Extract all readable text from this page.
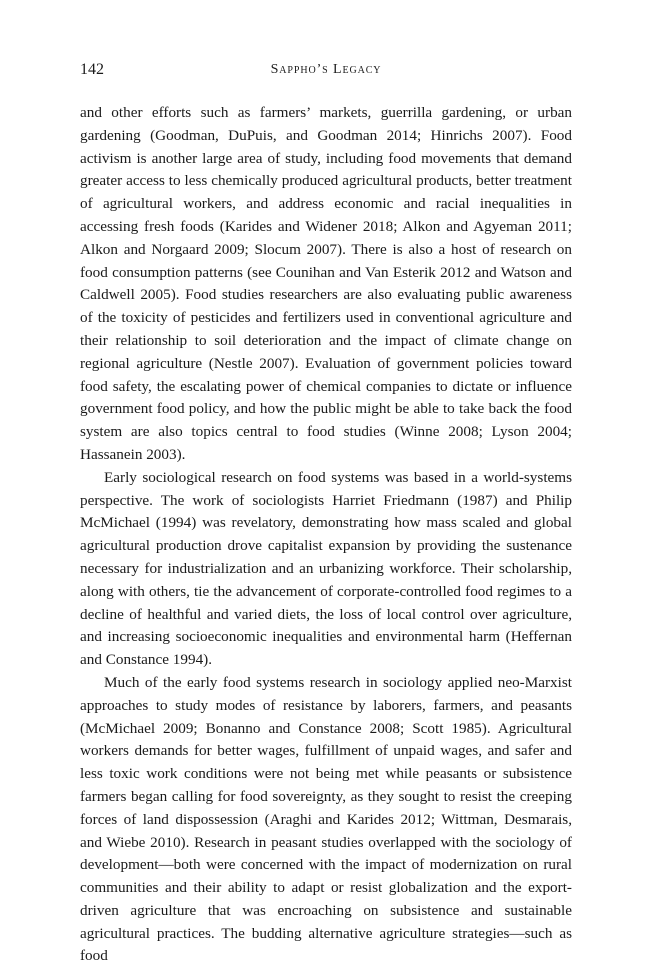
142	Sappho’s Legacy

and other efforts such as farmers’ markets, guerrilla gardening, or urban gardening (Goodman, DuPuis, and Goodman 2014; Hinrichs 2007). Food activism is another large area of study, including food movements that demand greater access to less chemically produced agricultural products, better treatment of agricultural workers, and address economic and racial inequalities in accessing fresh foods (Karides and Widener 2018; Alkon and Agyeman 2011; Alkon and Norgaard 2009; Slocum 2007). There is also a host of research on food consumption patterns (see Counihan and Van Esterik 2012 and Watson and Caldwell 2005). Food studies researchers are also evaluating public awareness of the toxicity of pesticides and fertilizers used in conventional agriculture and their relationship to soil deterioration and the impact of climate change on regional agriculture (Nestle 2007). Evaluation of government policies toward food safety, the escalating power of chemical companies to dictate or influence government food policy, and how the public might be able to take back the food system are also topics central to food studies (Winne 2008; Lyson 2004; Hassanein 2003).

Early sociological research on food systems was based in a world-systems perspective. The work of sociologists Harriet Friedmann (1987) and Philip McMichael (1994) was revelatory, demonstrating how mass scaled and global agricultural production drove capitalist expansion by providing the sustenance necessary for industrialization and an urbanizing workforce. Their scholarship, along with others, tie the advancement of corporate-controlled food regimes to a decline of healthful and varied diets, the loss of local control over agriculture, and increasing socioeconomic inequalities and environmental harm (Heffernan and Constance 1994).

Much of the early food systems research in sociology applied neo-Marxist approaches to study modes of resistance by laborers, farmers, and peasants (McMichael 2009; Bonanno and Constance 2008; Scott 1985). Agricultural workers demands for better wages, fulfillment of unpaid wages, and safer and less toxic work conditions were not being met while peasants or subsistence farmers began calling for food sovereignty, as they sought to resist the creeping forces of land dispossession (Araghi and Karides 2012; Wittman, Desmarais, and Wiebe 2010). Research in peasant studies overlapped with the sociology of development—both were concerned with the impact of modernization on rural communities and their ability to adapt or resist globalization and the export-driven agriculture that was encroaching on subsistence and sustainable agricultural practices. The budding alternative agriculture strategies—such as food
